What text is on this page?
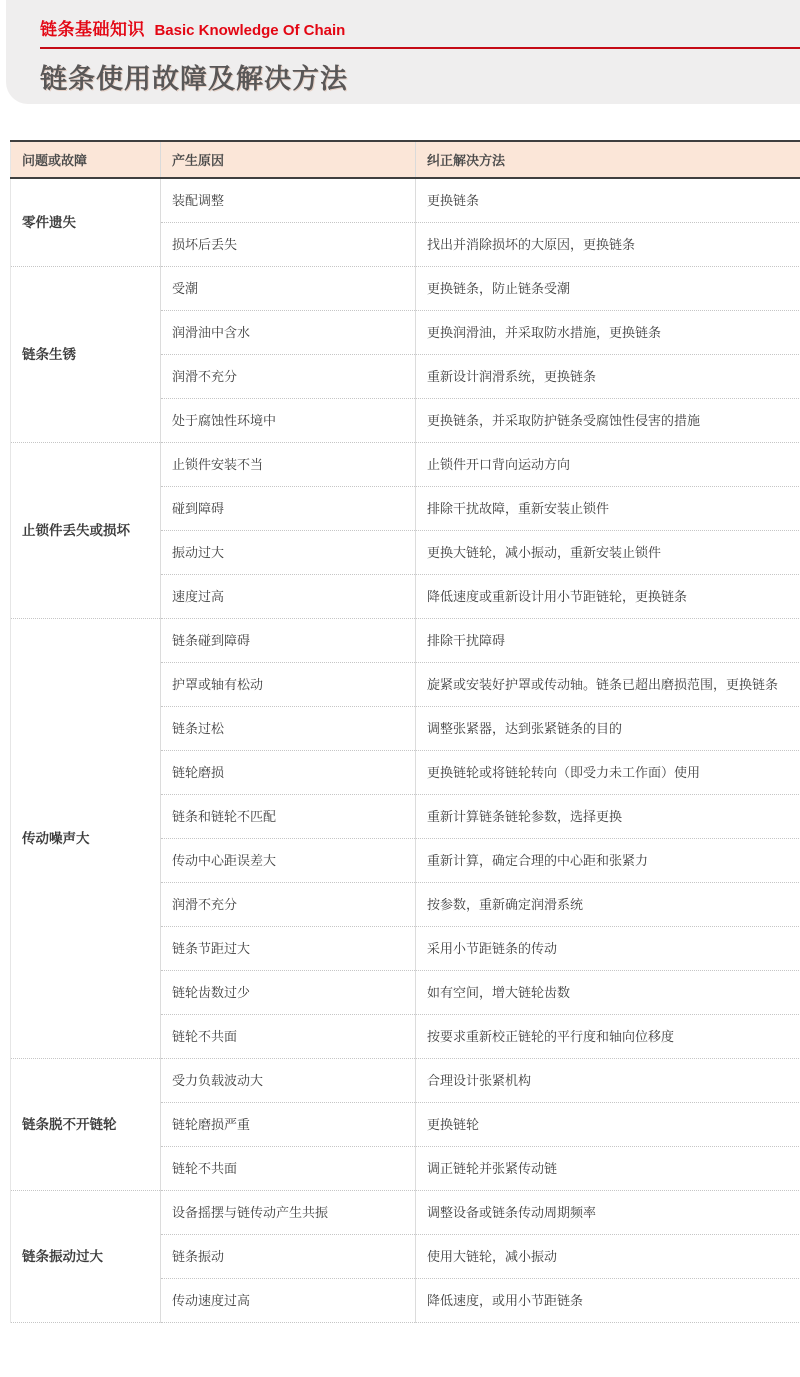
链条基础知识 Basic Knowledge Of Chain
链条使用故障及解决方法
问题或故障	产生原因	纠正解决方法
零件遗失	装配调整	更换链条
	损坏后丢失	找出并消除损坏的大原因，更换链条
链条生锈	受潮	更换链条，防止链条受潮
	润滑油中含水	更换润滑油，并采取防水措施，更换链条
	润滑不充分	重新设计润滑系统，更换链条
	处于腐蚀性环境中	更换链条，并采取防护链条受腐蚀性侵害的措施
止锁件丢失或损坏	止锁件安装不当	止锁件开口背向运动方向
	碰到障碍	排除干扰故障，重新安装止锁件
	振动过大	更换大链轮，减小振动，重新安装止锁件
	速度过高	降低速度或重新设计用小节距链轮，更换链条
传动噪声大	链条碰到障碍	排除干扰障碍
	护罩或轴有松动	旋紧或安装好护罩或传动轴。链条已超出磨损范围，更换链条
	链条过松	调整张紧器，达到张紧链条的目的
	链轮磨损	更换链轮或将链轮转向（即受力未工作面）使用
	链条和链轮不匹配	重新计算链条链轮参数，选择更换
	传动中心距误差大	重新计算，确定合理的中心距和张紧力
	润滑不充分	按参数，重新确定润滑系统
	链条节距过大	采用小节距链条的传动
	链轮齿数过少	如有空间，增大链轮齿数
	链轮不共面	按要求重新校正链轮的平行度和轴向位移度
链条脱不开链轮	受力负载波动大	合理设计张紧机构
	链轮磨损严重	更换链轮
	链轮不共面	调正链轮并张紧传动链
链条振动过大	设备摇摆与链传动产生共振	调整设备或链条传动周期频率
	链条振动	使用大链轮，减小振动
	传动速度过高	降低速度，或用小节距链条
